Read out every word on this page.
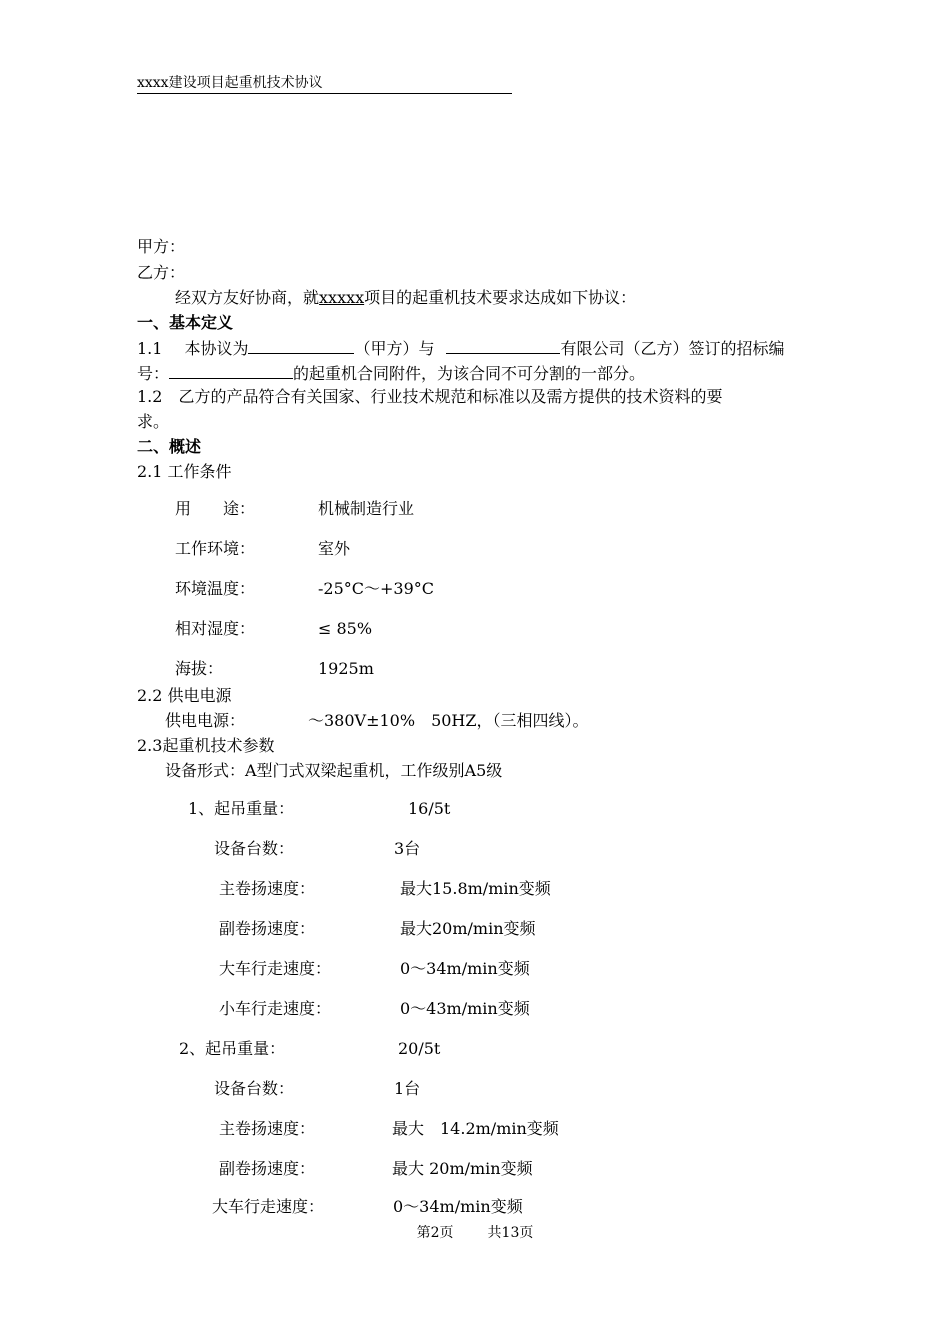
xxxx建设项目起重机技术协议
甲方：
乙方：
经双方友好协商，就xxxxx项目的起重机技术要求达成如下协议：
一、基本定义
1.1 本协议为	（甲方）与	有限公司（乙方）签订的招标编
号：	的起重机合同附件，为该合同不可分割的一部分。
1.2　乙方的产品符合有关国家、行业技术规范和标准以及需方提供的技术资料的要
求。
二、概述
2.1 工作条件
用　　途：	机械制造行业
工作环境：	室外
环境温度：	-25°C～+39°C
相对湿度：	≤ 85%
海拔：	1925m
2.2 供电电源
供电电源：	～380V±10%　50HZ，（三相四线）。
2.3起重机技术参数
设备形式：A型门式双梁起重机，工作级别A5级
1、起吊重量：	16/5t
设备台数：	3台
主卷扬速度：	最大15.8m/min变频
副卷扬速度：	最大20m/min变频
大车行走速度：	0～34m/min变频
小车行走速度：	0～43m/min变频
2、起吊重量：	20/5t
设备台数：	1台
主卷扬速度：	最大　14.2m/min变频
副卷扬速度：	最大 20m/min变频
大车行走速度：	0～34m/min变频
第2页 共13页
